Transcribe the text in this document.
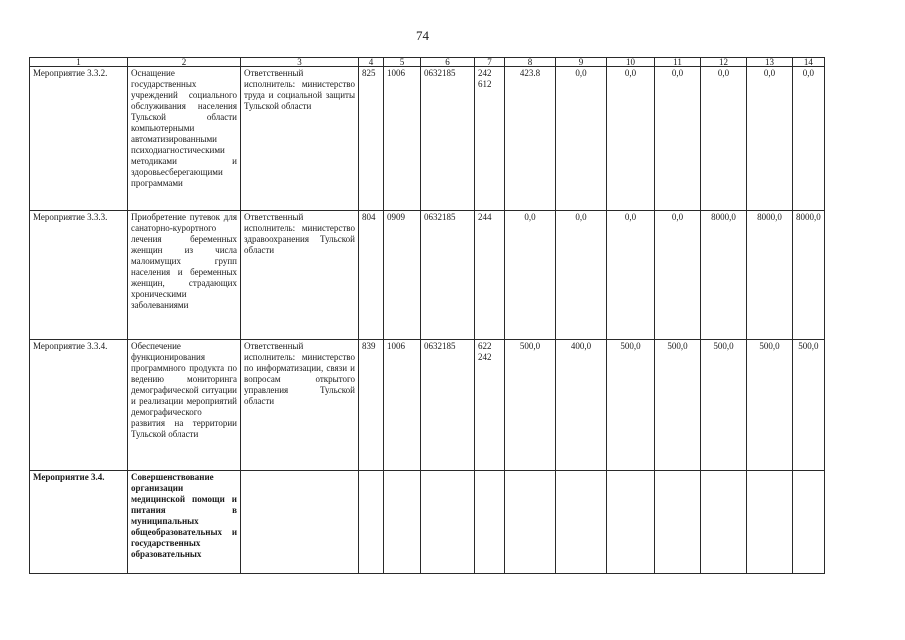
74
1	2	3	4	5	6	7	8	9	10	11	12	13	14
Мероприятие 3.3.2.	Оснащение государственных учреждений социального обслуживания населения Тульской области компьютерными автоматизированными психодиагностическими методиками и здоровьесберегающими программами	Ответственный исполнитель: министерство труда и социальной защиты Тульской области	825	1006	0632185	242 612	423.8	0,0	0,0	0,0	0,0	0,0	0,0
Мероприятие 3.3.3.	Приобретение путевок для санаторно-курортного лечения беременных женщин из числа малоимущих групп населения и беременных женщин, страдающих хроническими заболеваниями	Ответственный исполнитель: министерство здравоохранения Тульской области	804	0909	0632185	244	0,0	0,0	0,0	0,0	8000,0	8000,0	8000,0
Мероприятие 3.3.4.	Обеспечение функционирования программного продукта по ведению мониторинга демографической ситуации и реализации мероприятий демографического развития на территории Тульской области	Ответственный исполнитель: министерство по информатизации, связи и вопросам открытого управления Тульской области	839	1006	0632185	622 242	500,0	400,0	500,0	500,0	500,0	500,0	500,0
Мероприятие 3.4.	Совершенствование организации медицинской помощи и питания в муниципальных общеобразовательных и государственных образовательных												
